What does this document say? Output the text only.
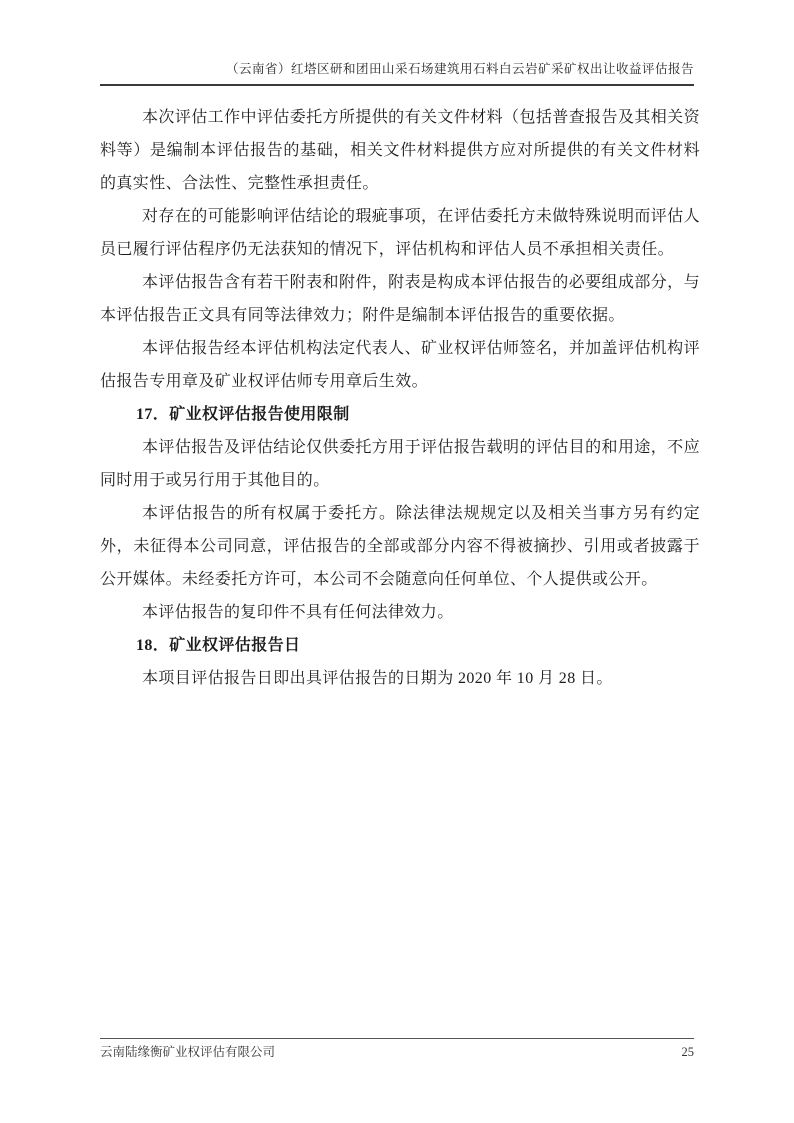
（云南省）红塔区研和团田山采石场建筑用石料白云岩矿采矿权出让收益评估报告

本次评估工作中评估委托方所提供的有关文件材料（包括普查报告及其相关资料等）是编制本评估报告的基础，相关文件材料提供方应对所提供的有关文件材料的真实性、合法性、完整性承担责任。

对存在的可能影响评估结论的瑕疵事项，在评估委托方未做特殊说明而评估人员已履行评估程序仍无法获知的情况下，评估机构和评估人员不承担相关责任。

本评估报告含有若干附表和附件，附表是构成本评估报告的必要组成部分，与本评估报告正文具有同等法律效力；附件是编制本评估报告的重要依据。

本评估报告经本评估机构法定代表人、矿业权评估师签名，并加盖评估机构评估报告专用章及矿业权评估师专用章后生效。

17．矿业权评估报告使用限制

本评估报告及评估结论仅供委托方用于评估报告载明的评估目的和用途，不应同时用于或另行用于其他目的。

本评估报告的所有权属于委托方。除法律法规规定以及相关当事方另有约定外，未征得本公司同意，评估报告的全部或部分内容不得被摘抄、引用或者披露于公开媒体。未经委托方许可，本公司不会随意向任何单位、个人提供或公开。

本评估报告的复印件不具有任何法律效力。

18．矿业权评估报告日

本项目评估报告日即出具评估报告的日期为 2020 年 10 月 28 日。

云南陆缘衡矿业权评估有限公司	25
